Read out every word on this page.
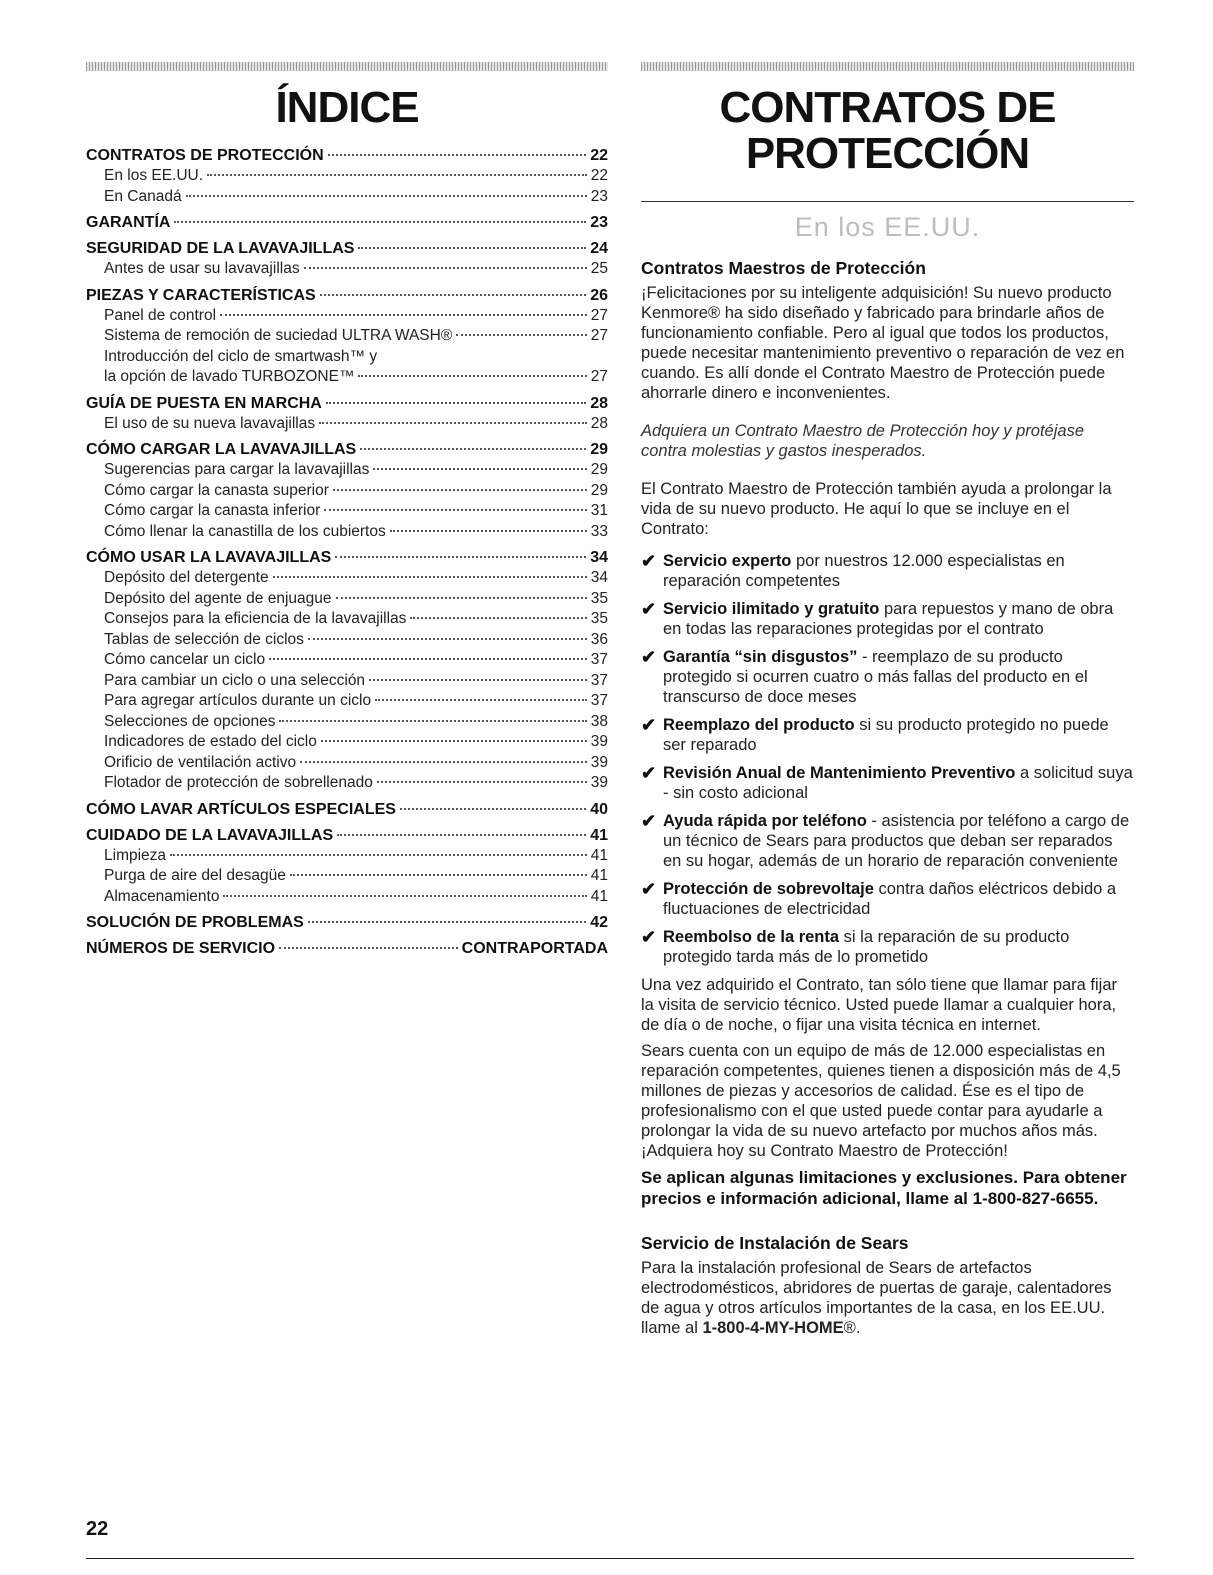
ÍNDICE
CONTRATOS DE PROTECCIÓN	22
En los EE.UU.	22
En Canadá	23
GARANTÍA	23
SEGURIDAD DE LA LAVAVAJILLAS	24
Antes de usar su lavavajillas	25
PIEZAS Y CARACTERÍSTICAS	26
Panel de control	27
Sistema de remoción de suciedad ULTRA WASH®	27
Introducción del ciclo de smartwash™ y
la opción de lavado TURBOZONE™	27
GUÍA DE PUESTA EN MARCHA	28
El uso de su nueva lavavajillas	28
CÓMO CARGAR LA LAVAVAJILLAS	29
Sugerencias para cargar la lavavajillas	29
Cómo cargar la canasta superior	29
Cómo cargar la canasta inferior	31
Cómo llenar la canastilla de los cubiertos	33
CÓMO USAR LA LAVAVAJILLAS	34
Depósito del detergente	34
Depósito del agente de enjuague	35
Consejos para la eficiencia de la lavavajillas	35
Tablas de selección de ciclos	36
Cómo cancelar un ciclo	37
Para cambiar un ciclo o una selección	37
Para agregar artículos durante un ciclo	37
Selecciones de opciones	38
Indicadores de estado del ciclo	39
Orificio de ventilación activo	39
Flotador de protección de sobrellenado	39
CÓMO LAVAR ARTÍCULOS ESPECIALES	40
CUIDADO DE LA LAVAVAJILLAS	41
Limpieza	41
Purga de aire del desagüe	41
Almacenamiento	41
SOLUCIÓN DE PROBLEMAS	42
NÚMEROS DE SERVICIO	CONTRAPORTADA
CONTRATOS DE
PROTECCIÓN
En los EE.UU.
Contratos Maestros de Protección

¡Felicitaciones por su inteligente adquisición! Su nuevo producto Kenmore® ha sido diseñado y fabricado para brindarle años de funcionamiento confiable. Pero al igual que todos los productos, puede necesitar mantenimiento preventivo o reparación de vez en cuando. Es allí donde el Contrato Maestro de Protección puede ahorrarle dinero e inconvenientes.

Adquiera un Contrato Maestro de Protección hoy y protéjase contra molestias y gastos inesperados.

El Contrato Maestro de Protección también ayuda a prolongar la vida de su nuevo producto. He aquí lo que se incluye en el Contrato:

✔ Servicio experto por nuestros 12.000 especialistas en reparación competentes
✔ Servicio ilimitado y gratuito para repuestos y mano de obra en todas las reparaciones protegidas por el contrato
✔ Garantía “sin disgustos” - reemplazo de su producto protegido si ocurren cuatro o más fallas del producto en el transcurso de doce meses
✔ Reemplazo del producto si su producto protegido no puede ser reparado
✔ Revisión Anual de Mantenimiento Preventivo a solicitud suya - sin costo adicional
✔ Ayuda rápida por teléfono - asistencia por teléfono a cargo de un técnico de Sears para productos que deban ser reparados en su hogar, además de un horario de reparación conveniente
✔ Protección de sobrevoltaje contra daños eléctricos debido a fluctuaciones de electricidad
✔ Reembolso de la renta si la reparación de su producto protegido tarda más de lo prometido

Una vez adquirido el Contrato, tan sólo tiene que llamar para fijar la visita de servicio técnico. Usted puede llamar a cualquier hora, de día o de noche, o fijar una visita técnica en internet.

Sears cuenta con un equipo de más de 12.000 especialistas en reparación competentes, quienes tienen a disposición más de 4,5 millones de piezas y accesorios de calidad. Ése es el tipo de profesionalismo con el que usted puede contar para ayudarle a prolongar la vida de su nuevo artefacto por muchos años más. ¡Adquiera hoy su Contrato Maestro de Protección!

Se aplican algunas limitaciones y exclusiones. Para obtener precios e información adicional, llame al 1-800-827-6655.

Servicio de Instalación de Sears

Para la instalación profesional de Sears de artefactos electrodomésticos, abridores de puertas de garaje, calentadores de agua y otros artículos importantes de la casa, en los EE.UU. llame al 1-800-4-MY-HOME®.

22
